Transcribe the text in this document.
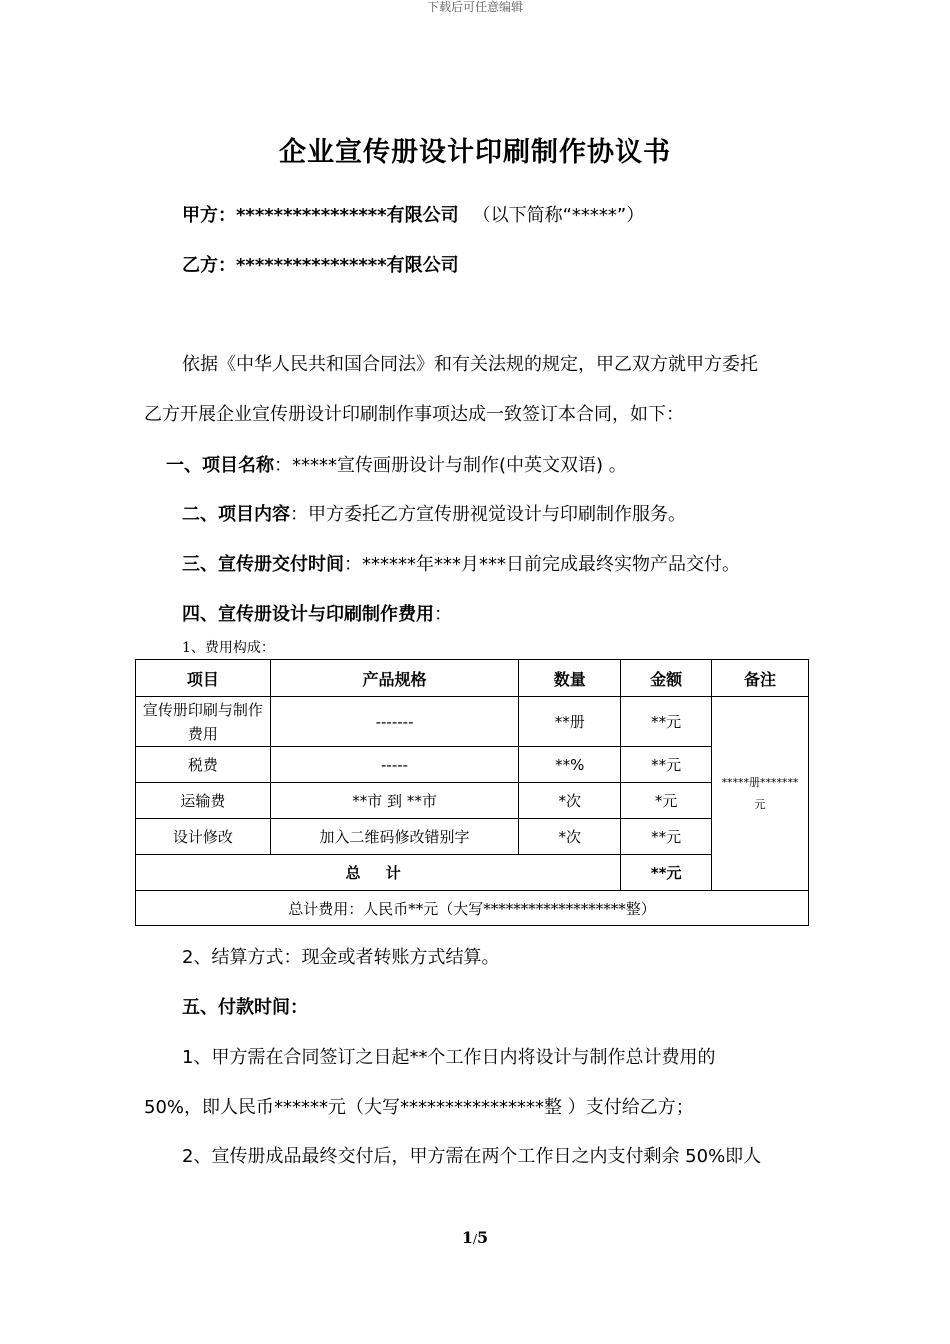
下载后可任意编辑
企业宣传册设计印刷制作协议书
甲方：****************有限公司 （以下简称“*****”）
乙方：****************有限公司
依据《中华人民共和国合同法》和有关法规的规定，甲乙双方就甲方委托
乙方开展企业宣传册设计印刷制作事项达成一致签订本合同，如下：
一、项目名称：*****宣传画册设计与制作(中英文双语) 。
二、项目内容：甲方委托乙方宣传册视觉设计与印刷制作服务。
三、宣传册交付时间：******年***月***日前完成最终实物产品交付。
四、宣传册设计与印刷制作费用：
1、费用构成：
项目	产品规格	数量	金额	备注
宣传册印刷与制作费用	-------	**册	**元	*****册*******元
税费	-----	**%	**元	
运输费	**市 到 **市	*次	*元	
设计修改	加入二维码修改错别字	*次	**元	
总 计			**元	
总计费用：人民币**元（大写*******************整）				
2、结算方式：现金或者转账方式结算。
五、付款时间：
1、甲方需在合同签订之日起**个工作日内将设计与制作总计费用的
50%，即人民币******元（大写****************整 ）支付给乙方；
2、宣传册成品最终交付后，甲方需在两个工作日之内支付剩余 50%即人
1/5
